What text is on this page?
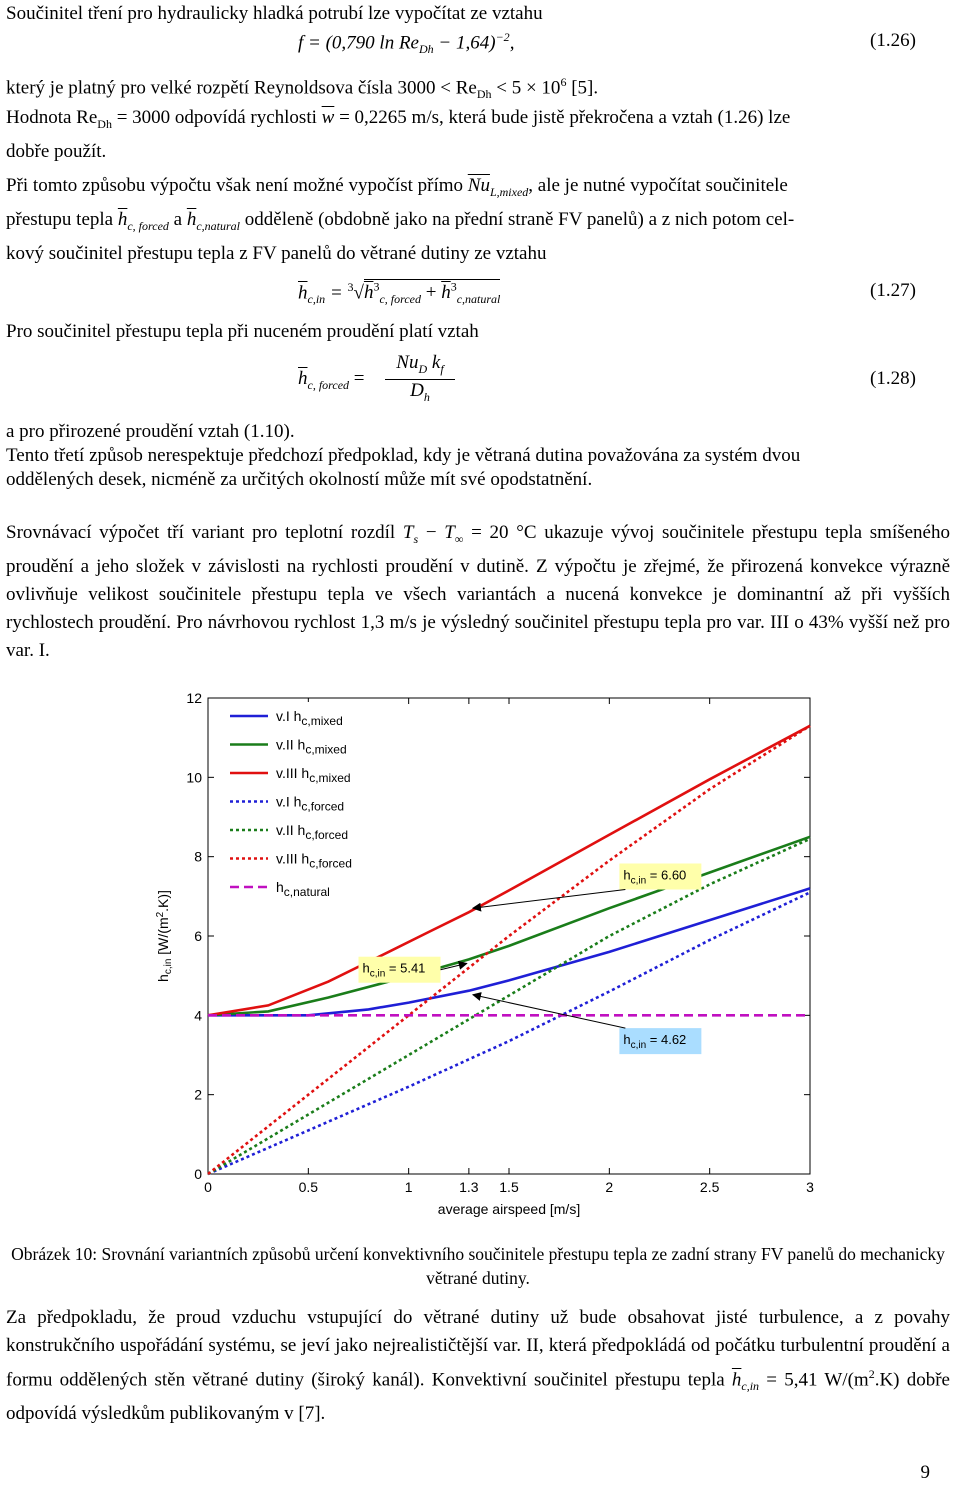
Součinitel tření pro hydraulicky hladká potrubí lze vypočítat ze vztahu
f = (0,790 $\ln Re_{Dh} - 1,64)^{-2}$,	(1.26)
který je platný pro velké rozpětí Reynoldsova čísla $3000 < Re_{Dh} < 5 \times 10^6$ [5].
Hodnota $Re_{Dh} = 3000$ odpovídá rychlosti $\overline{w} = 0,2265$ m/s, která bude jistě překročena a vztah (1.26) lze
dobře použít.
Při tomto způsobu výpočtu však není možné vypočíst přímo $\overline{Nu}_{L,mixed}$, ale je nutné vypočítat součinitele
přestupu tepla $\overline{h}_{c, forced}$ a $\overline{h}_{c,natural}$ odděleně (obdobně jako na přední straně FV panelů) a z nich potom cel-
kový součinitel přestupu tepla z FV panelů do větrané dutiny ze vztahu
$\overline{h}_{c,in} = ^3√h^3_{c, forced} + \overline{h}^3_{c,natural}$	(1.27)
Pro součinitel přestupu tepla při nuceném proudění platí vztah
$\overline{h}_{c, forced}$ =
$Nu_D$ $k_f$
$D_h$
(1.28)
a pro přirozené proudění vztah (1.10).
Tento třetí způsob nerespektuje předchozí předpoklad, kdy je větraná dutina považována za systém dvou
oddělených desek, nicméně za určitých okolností může mít své opodstatnění.
Srovnávací výpočet tří variant pro teplotní rozdíl $T_s - T_\infty = 20$ °C ukazuje vývoj součinitele přestupu tepla smíšeného proudění a jeho složek v závislosti na rychlosti proudění v dutině. Z výpočtu je zřejmé, že přirozená konvekce výrazně ovlivňuje velikost součinitele přestupu tepla ve všech variantách a nucená konvekce je dominantní až při vyšších rychlostech proudění. Pro návrhovou rychlost 1,3 m/s je výsledný součinitel přestupu tepla pro var. III o 43% vyšší než pro var. I.
0	0.5	1	1.3 1.5	2	2.5	3
0
2
4
6
8
10
12
$h_{c,in} = 6.60$
$h_{c,in} = 5.41$
$h_{c,in} = 4.62$
v.I hc,mixed
v.II hc,mixed
v.III hc,mixed
v.I hc,forced
v.II hc,forced
v.III hc,forced
hc,natural
average airspeed [m/s]
$h_{c,in}$ $[W/(m^2.K)]$
Obrázek 10: Srovnání variantních způsobů určení konvektivního součinitele přestupu tepla ze zadní strany FV panelů do mechanicky větrané dutiny.
Za předpokladu, že proud vzduchu vstupující do větrané dutiny už bude obsahovat jisté turbulence, a z povahy konstrukčního uspořádání systému, se jeví jako nejrealističtější var. II, která předpokládá od počátku turbulentní proudění a formu oddělených stěn větrané dutiny (široký kanál). Konvektivní součinitel přestupu tepla $\overline{h}_{c,in} = 5,41$ $W/(m^2.K)$ dobře odpovídá výsledkům publikovaným v [7].
9
